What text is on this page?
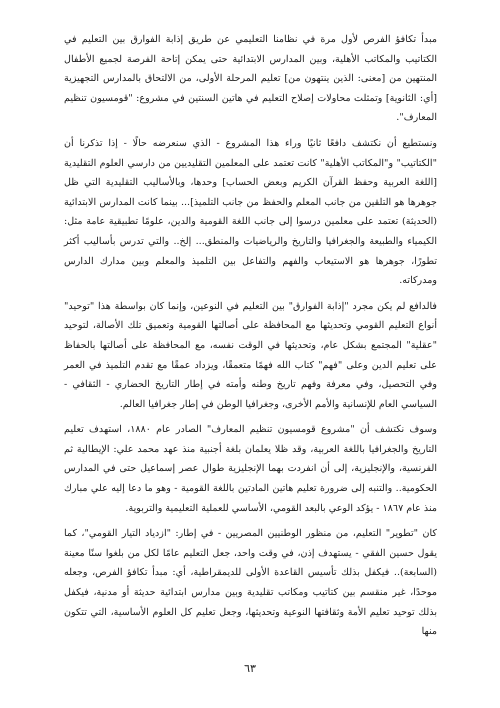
مبدأ تكافؤ الفرص لأول مرة في نظامنا التعليمي عن طريق إذابة الفوارق بين التعليم في الكتاتيب والمكاتب الأهلية، وبين المدارس الابتدائية حتى يمكن إتاحة الفرصة لجميع الأطفال المنتهين من [معنى: الذين ينتهون من] تعليم المرحلة الأولى، من الالتحاق بالمدارس التجهيزية [أي: الثانوية] وتمثلت محاولات إصلاح التعليم في هاتين السنتين في مشروع: "قومسيون تنظيم المعارف".

ونستطيع أن نكتشف دافعًا ثانيًا وراء هذا المشروع - الذي سنعرضه حالًا - إذا تذكرنا أن "الكتاتيب" و"المكاتب الأهلية" كانت تعتمد على المعلمين التقليديين من دارسي العلوم التقليدية [اللغة العربية وحفظ القرآن الكريم وبعض الحساب] وحدها، وبالأساليب التقليدية التي ظل جوهرها هو التلقين من جانب المعلم والحفظ من جانب التلميذ]... بينما كانت المدارس الابتدائية (الحديثة) تعتمد على معلمين درسوا إلى جانب اللغة القومية والدين، علومًا تطبيقية عامة مثل: الكيمياء والطبيعة والجغرافيا والتاريخ والرياضيات والمنطق... إلخ.. والتي تدرس بأساليب أكثر تطورًا، جوهرها هو الاستيعاب والفهم والتفاعل بين التلميذ والمعلم وبين مدارك الدارس ومدركاته.

فالدافع لم يكن مجرد "إذابة الفوارق" بين التعليم في النوعين، وإنما كان بواسطة هذا "توحيد" أنواع التعليم القومي وتحديثها مع المحافظة على أصالتها القومية وتعميق تلك الأصالة، لتوحيد "عقلية" المجتمع بشكل عام، وتحديثها في الوقت نفسه، مع المحافظة على أصالتها بالحفاظ على تعليم الدين وعلى "فهم" كتاب الله فهمًا متعمقًا، ويزداد عمقًا مع تقدم التلميذ في العمر وفي التحصيل، وفي معرفة وفهم تاريخ وطنه وأمته في إطار التاريخ الحضاري - الثقافي - السياسي العام للإنسانية والأمم الأخرى، وجغرافيا الوطن في إطار جغرافيا العالم.

وسوف نكتشف أن "مشروع قومسيون تنظيم المعارف" الصادر عام ١٨٨٠، استهدف تعليم التاريخ والجغرافيا باللغة العربية، وقد ظلا يعلمان بلغة أجنبية منذ عهد محمد علي: الإيطالية ثم الفرنسية، والإنجليزية، إلى أن انفردت بهما الإنجليزية طوال عصر إسماعيل حتى في المدارس الحكومية.. والتنبه إلى ضرورة تعليم هاتين المادتين باللغة القومية - وهو ما دعا إليه علي مبارك منذ عام ١٨٦٧ - يؤكد الوعي بالبعد القومي، الأساسي للعملية التعليمية والتربوية.

كان "تطوير" التعليم، من منظور الوطنيين المصريين - في إطار: "ازدياد التيار القومي"، كما يقول حسين الفقي - يستهدف إذن، في وقت واحد، جعل التعليم عامًا لكل من بلغوا سنًا معينة (السابعة).. فيكفل بذلك تأسيس القاعدة الأولى للديمقراطية، أي: مبدأ تكافؤ الفرص، وجعله موحدًا، غير منقسم بين كتاتيب ومكاتب تقليدية وبين مدارس ابتدائية حديثة أو مدنية، فيكفل بذلك توحيد تعليم الأمة وثقافتها النوعية وتحديثها، وجعل تعليم كل العلوم الأساسية، التي تتكون منها

٦٣
